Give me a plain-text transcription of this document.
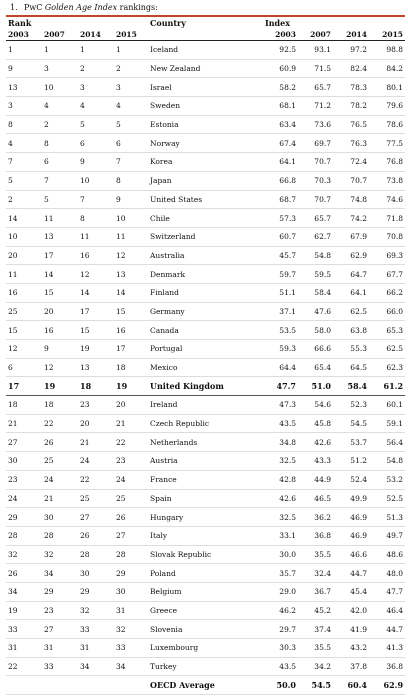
1. PwC Golden Age Index rankings:
Rank				Country	Index			
2003	2007	2014	2015		2003	2007	2014	2015
1	1	1	1	Iceland	92.5	93.1	97.2	98.8
9	3	2	2	New Zealand	60.9	71.5	82.4	84.2
13	10	3	3	Israel	58.2	65.7	78.3	80.1
3	4	4	4	Sweden	68.1	71.2	78.2	79.6
8	2	5	5	Estonia	63.4	73.6	76.5	78.6
4	8	6	6	Norway	67.4	69.7	76.3	77.5
7	6	9	7	Korea	64.1	70.7	72.4	76.8
5	7	10	8	Japan	66.8	70.3	70.7	73.8
2	5	7	9	United States	68.7	70.7	74.8	74.6
14	11	8	10	Chile	57.3	65.7	74.2	71.8
10	13	11	11	Switzerland	60.7	62.7	67.9	70.8
20	17	16	12	Australia	45.7	54.8	62.9	69.3
11	14	12	13	Denmark	59.7	59.5	64.7	67.7
16	15	14	14	Finland	51.1	58.4	64.1	66.2
25	20	17	15	Germany	37.1	47.6	62.5	66.0
15	16	15	16	Canada	53.5	58.0	63.8	65.3
12	9	19	17	Portugal	59.3	66.6	55.3	62.5
6	12	13	18	Mexico	64.4	65.4	64.5	62.3
17	19	18	19	United Kingdom	47.7	51.0	58.4	61.2
18	18	23	20	Ireland	47.3	54.6	52.3	60.1
21	22	20	21	Czech Republic	43.5	45.8	54.5	59.1
27	26	21	22	Netherlands	34.8	42.6	53.7	56.4
30	25	24	23	Austria	32.5	43.3	51.2	54.8
23	24	22	24	France	42.8	44.9	52.4	53.2
24	21	25	25	Spain	42.6	46.5	49.9	52.5
29	30	27	26	Hungary	32.5	36.2	46.9	51.3
28	28	26	27	Italy	33.1	36.8	46.9	49.7
32	32	28	28	Slovak Republic	30.0	35.5	46.6	48.6
26	34	30	29	Poland	35.7	32.4	44.7	48.0
34	29	29	30	Belgium	29.0	36.7	45.4	47.7
19	23	32	31	Greece	46.2	45.2	42.0	46.4
33	27	33	32	Slovenia	29.7	37.4	41.9	44.7
31	31	31	33	Luxembourg	30.3	35.5	43.2	41.3
22	33	34	34	Turkey	43.5	34.2	37.8	36.8
				OECD Average	50.0	54.5	60.4	62.9
